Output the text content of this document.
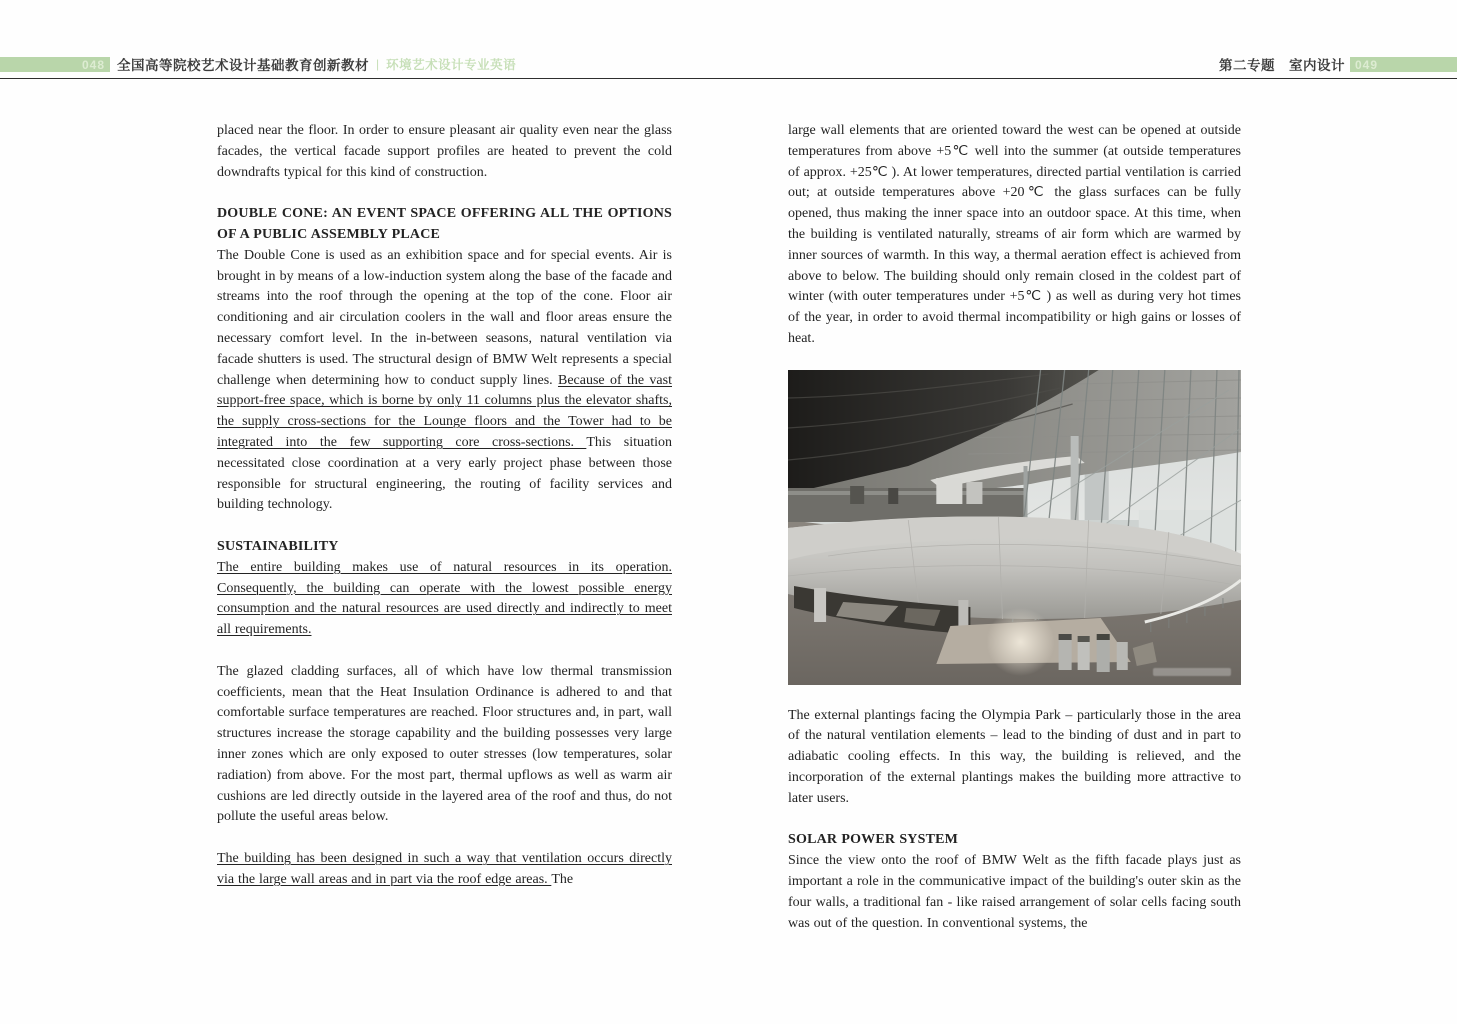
048 全国高等院校艺术设计基础教育创新教材 | 环境艺术设计专业英语	第二专题 室内设计 049

placed near the floor. In order to ensure pleasant air quality even near the glass facades, the vertical facade support profiles are heated to prevent the cold downdrafts typical for this kind of construction.

DOUBLE CONE: AN EVENT SPACE OFFERING ALL THE OPTIONS OF A PUBLIC ASSEMBLY PLACE

The Double Cone is used as an exhibition space and for special events. Air is brought in by means of a low-induction system along the base of the facade and streams into the roof through the opening at the top of the cone. Floor air conditioning and air circulation coolers in the wall and floor areas ensure the necessary comfort level. In the in-between seasons, natural ventilation via facade shutters is used. The structural design of BMW Welt represents a special challenge when determining how to conduct supply lines. Because of the vast support-free space, which is borne by only 11 columns plus the elevator shafts, the supply cross-sections for the Lounge floors and the Tower had to be integrated into the few supporting core cross-sections. This situation necessitated close coordination at a very early project phase between those responsible for structural engineering, the routing of facility services and building technology.

SUSTAINABILITY

The entire building makes use of natural resources in its operation. Consequently, the building can operate with the lowest possible energy consumption and the natural resources are used directly and indirectly to meet all requirements.

The glazed cladding surfaces, all of which have low thermal transmission coefficients, mean that the Heat Insulation Ordinance is adhered to and that comfortable surface temperatures are reached. Floor structures and, in part, wall structures increase the storage capability and the building possesses very large inner zones which are only exposed to outer stresses (low temperatures, solar radiation) from above. For the most part, thermal upflows as well as warm air cushions are led directly outside in the layered area of the roof and thus, do not pollute the useful areas below.

The building has been designed in such a way that ventilation occurs directly via the large wall areas and in part via the roof edge areas. The

large wall elements that are oriented toward the west can be opened at outside temperatures from above +5℃ well into the summer (at outside temperatures of approx. +25℃ ). At lower temperatures, directed partial ventilation is carried out; at outside temperatures above +20℃ the glass surfaces can be fully opened, thus making the inner space into an outdoor space. At this time, when the building is ventilated naturally, streams of air form which are warmed by inner sources of warmth. In this way, a thermal aeration effect is achieved from above to below. The building should only remain closed in the coldest part of winter (with outer temperatures under +5℃ ) as well as during very hot times of the year, in order to avoid thermal incompatibility or high gains or losses of heat.

The external plantings facing the Olympia Park – particularly those in the area of the natural ventilation elements – lead to the binding of dust and in part to adiabatic cooling effects. In this way, the building is relieved, and the incorporation of the external plantings makes the building more attractive to later users.

SOLAR POWER SYSTEM

Since the view onto the roof of BMW Welt as the fifth facade plays just as important a role in the communicative impact of the building's outer skin as the four walls, a traditional fan - like raised arrangement of solar cells facing south was out of the question. In conventional systems, the
